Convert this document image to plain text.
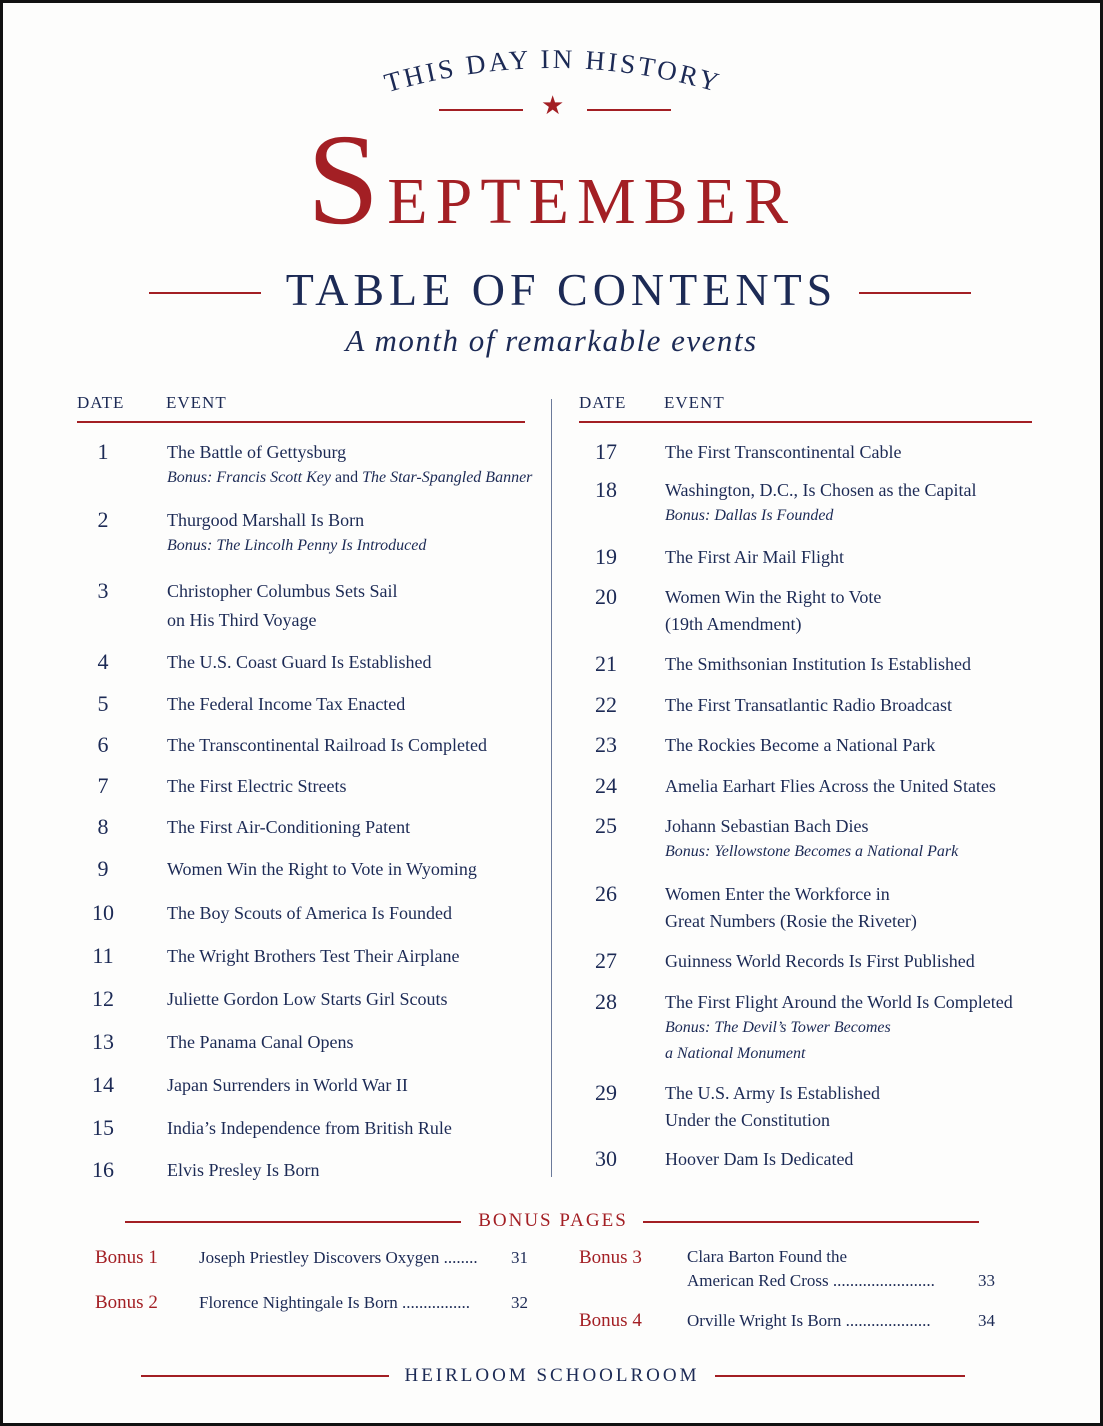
THIS DAY IN HISTORY
★
September
TABLE OF CONTENTS
A month of remarkable events
DATE EVENT	DATE EVENT
1	The Battle of Gettysburg
Bonus: Francis Scott Key and The Star-Spangled Banner
2	Thurgood Marshall Is Born
Bonus: The Lincolh Penny Is Introduced
3	Christopher Columbus Sets Sail
on His Third Voyage
4	The U.S. Coast Guard Is Established
5	The Federal Income Tax Enacted
6	The Transcontinental Railroad Is Completed
7	The First Electric Streets
8	The First Air-Conditioning Patent
9	Women Win the Right to Vote in Wyoming
10	The Boy Scouts of America Is Founded
11	The Wright Brothers Test Their Airplane
12	Juliette Gordon Low Starts Girl Scouts
13	The Panama Canal Opens
14	Japan Surrenders in World War II
15	India’s Independence from British Rule
16	Elvis Presley Is Born
17	The First Transcontinental Cable
18	Washington, D.C., Is Chosen as the Capital
Bonus: Dallas Is Founded
19	The First Air Mail Flight
20	Women Win the Right to Vote
(19th Amendment)
21	The Smithsonian Institution Is Established
22	The First Transatlantic Radio Broadcast
23	The Rockies Become a National Park
24	Amelia Earhart Flies Across the United States
25	Johann Sebastian Bach Dies
Bonus: Yellowstone Becomes a National Park
26	Women Enter the Workforce in
Great Numbers (Rosie the Riveter)
27	Guinness World Records Is First Published
28	The First Flight Around the World Is Completed
Bonus: The Devil’s Tower Becomes
a National Monument
29	The U.S. Army Is Established
Under the Constitution
30	Hoover Dam Is Dedicated
BONUS PAGES
Bonus 1 Joseph Priestley Discovers Oxygen ........ 31
Bonus 2 Florence Nightingale Is Born ................ 32
Bonus 3	Clara Barton Found the
American Red Cross ........................	33
Bonus 4	Orville Wright Is Born ....................	34
HEIRLOOM SCHOOLROOM
